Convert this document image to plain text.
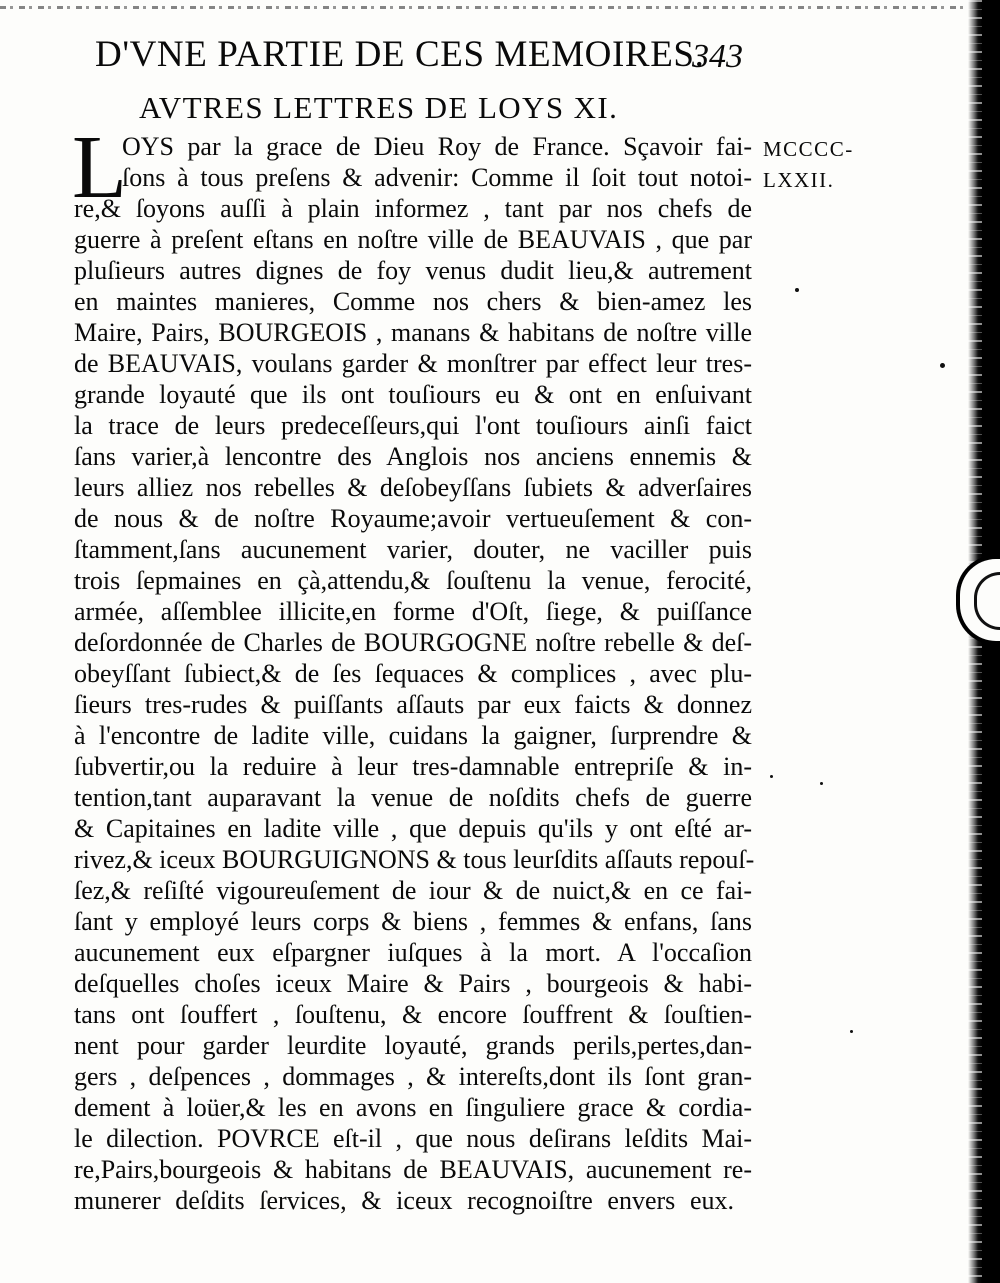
D'VNE PARTIE DE CES MEMOIRES.
343
AVTRES LETTRES DE LOYS XI.
L
OYS par la grace de Dieu Roy de France. Sçavoir fai-
ſons à tous preſens & advenir: Comme il ſoit tout notoi-
re,& ſoyons auſſi à plain informez , tant par nos chefs de
guerre à preſent eſtans en noſtre ville de BEAUVAIS , que par
pluſieurs autres dignes de foy venus dudit lieu,& autrement
en maintes manieres, Comme nos chers & bien-amez les
Maire, Pairs, BOURGEOIS , manans & habitans de noſtre ville
de BEAUVAIS, voulans garder & monſtrer par effect leur tres-
grande loyauté que ils ont touſiours eu & ont en enſuivant
la trace de leurs predeceſſeurs,qui l'ont touſiours ainſi faict
ſans varier,à lencontre des Anglois nos anciens ennemis &
leurs alliez nos rebelles & deſobeyſſans ſubiets & adverſaires
de nous & de noſtre Royaume;avoir vertueuſement & con-
ſtamment,ſans aucunement varier, douter, ne vaciller puis
trois ſepmaines en çà,attendu,& ſouſtenu la venue, ferocité,
armée, aſſemblee illicite,en forme d'Oſt, ſiege, & puiſſance
deſordonnée de Charles de BOURGOGNE noſtre rebelle & deſ-
obeyſſant ſubiect,& de ſes ſequaces & complices , avec plu-
ſieurs tres-rudes & puiſſants aſſauts par eux faicts & donnez
à l'encontre de ladite ville, cuidans la gaigner, ſurprendre &
ſubvertir,ou la reduire à leur tres-damnable entrepriſe & in-
tention,tant auparavant la venue de noſdits chefs de guerre
& Capitaines en ladite ville , que depuis qu'ils y ont eſté ar-
rivez,& iceux BOURGUIGNONS & tous leurſdits aſſauts repouſ-
ſez,& reſiſté vigoureuſement de iour & de nuict,& en ce fai-
ſant y employé leurs corps & biens , femmes & enfans, ſans
aucunement eux eſpargner iuſques à la mort. A l'occaſion
deſquelles choſes iceux Maire & Pairs , bourgeois & habi-
tans ont ſouffert , ſouſtenu, & encore ſouffrent & ſouſtien-
nent pour garder leurdite loyauté, grands perils,pertes,dan-
gers , deſpences , dommages , & intereſts,dont ils ſont gran-
dement à loüer,& les en avons en ſinguliere grace & cordia-
le dilection. POVRCE eſt-il , que nous deſirans leſdits Mai-
re,Pairs,bourgeois & habitans de BEAUVAIS, aucunement re-
munerer deſdits ſervices, & iceux recognoiſtre envers eux.
MCCCC-
LXXII.
